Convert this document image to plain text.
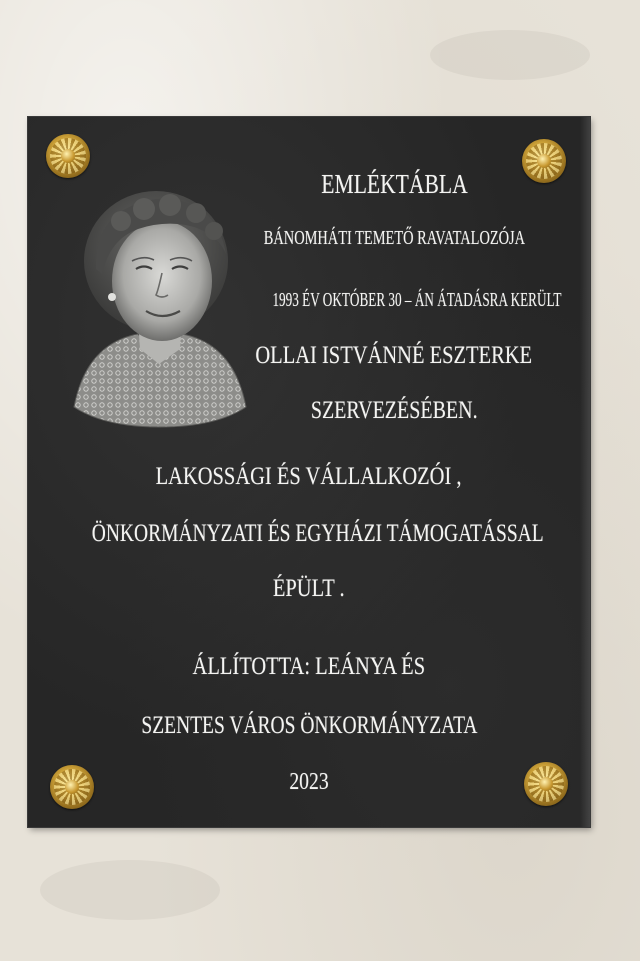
EMLÉKTÁBLA
BÁNOMHÁTI TEMETŐ RAVATALOZÓJA
1993 ÉV OKTÓBER 30 – ÁN ÁTADÁSRA KERÜLT
OLLAI ISTVÁNNÉ ESZTERKE
SZERVEZÉSÉBEN.
LAKOSSÁGI ÉS VÁLLALKOZÓI ,
ÖNKORMÁNYZATI ÉS EGYHÁZI TÁMOGATÁSSAL
ÉPÜLT .
ÁLLÍTOTTA: LEÁNYA ÉS
SZENTES VÁROS ÖNKORMÁNYZATA
2023
